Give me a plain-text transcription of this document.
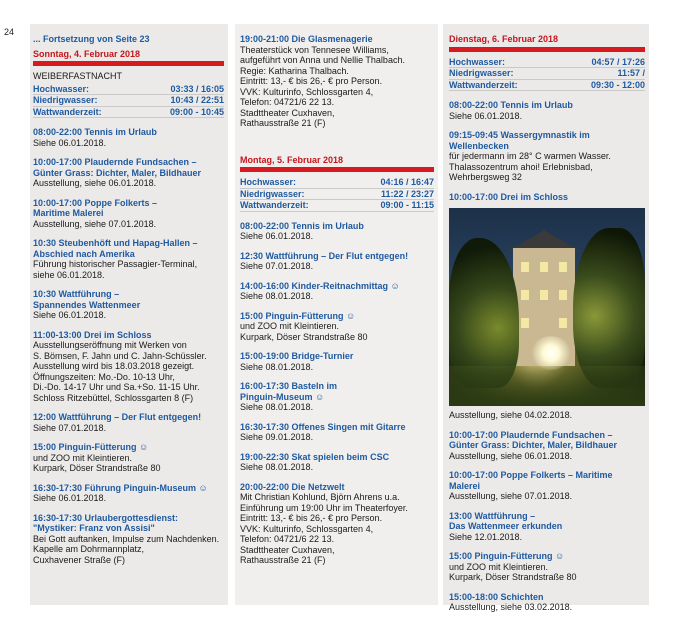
24
... Fortsetzung von Seite 23
Sonntag, 4. Februar 2018
WEIBERFASTNACHT
Hochwasser:	03:33 / 16:05
Niedrigwasser:	10:43 / 22:51
Wattwanderzeit:	09:00 - 10:45
08:00-22:00 Tennis im Urlaub
Siehe 06.01.2018.
10:00-17:00 Plaudernde Fundsachen –
Günter Grass: Dichter, Maler, Bildhauer
Ausstellung, siehe 06.01.2018.
10:00-17:00 Poppe Folkerts –
Maritime Malerei
Ausstellung, siehe 07.01.2018.
10:30 Steubenhöft und Hapag-Hallen –
Abschied nach Amerika
Führung historischer Passagier-Terminal,
siehe 06.01.2018.
10:30 Wattführung –
Spannendes Wattenmeer
Siehe 06.01.2018.
11:00-13:00 Drei im Schloss
Ausstellungseröffnung mit Werken von
S. Bömsen, F. Jahn und C. Jahn-Schüssler.
Ausstellung wird bis 18.03.2018 gezeigt.
Öffnungszeiten: Mo.-Do. 10-13 Uhr,
Di.-Do. 14-17 Uhr und Sa.+So. 11-15 Uhr.
Schloss Ritzebüttel, Schlossgarten 8 (F)
12:00 Wattführung – Der Flut entgegen!
Siehe 07.01.2018.
15:00 Pinguin-Fütterung ☺
und ZOO mit Kleintieren.
Kurpark, Döser Strandstraße 80
16:30-17:30 Führung Pinguin-Museum ☺
Siehe 06.01.2018.
16:30-17:30 Urlaubergottesdienst:
"Mystiker: Franz von Assisi"
Bei Gott auftanken, Impulse zum Nachdenken.
Kapelle am Dohrmannplatz,
Cuxhavener Straße (F)
19:00-21:00 Die Glasmenagerie
Theaterstück von Tennesee Williams,
aufgeführt von Anna und Nellie Thalbach.
Regie: Katharina Thalbach.
Eintritt: 13,- € bis 26,- € pro Person.
VVK: Kulturinfo, Schlossgarten 4,
Telefon: 04721/6 22 13.
Stadttheater Cuxhaven,
Rathausstraße 21 (F)
Montag, 5. Februar 2018
Hochwasser:	04:16 / 16:47
Niedrigwasser:	11:22 / 23:27
Wattwanderzeit:	09:00 - 11:15
08:00-22:00 Tennis im Urlaub
Siehe 06.01.2018.
12:30 Wattführung – Der Flut entgegen!
Siehe 07.01.2018.
14:00-16:00 Kinder-Reitnachmittag ☺
Siehe 08.01.2018.
15:00 Pinguin-Fütterung ☺
und ZOO mit Kleintieren.
Kurpark, Döser Strandstraße 80
15:00-19:00 Bridge-Turnier
Siehe 08.01.2018.
16:00-17:30 Basteln im
Pinguin-Museum ☺
Siehe 08.01.2018.
16:30-17:30 Offenes Singen mit Gitarre
Siehe 09.01.2018.
19:00-22:30 Skat spielen beim CSC
Siehe 08.01.2018.
20:00-22:00 Die Netzwelt
Mit Christian Kohlund, Björn Ahrens u.a.
Einführung um 19:00 Uhr im Theaterfoyer.
Eintritt: 13,- € bis 26,- € pro Person.
VVK: Kulturinfo, Schlossgarten 4,
Telefon: 04721/6 22 13.
Stadttheater Cuxhaven,
Rathausstraße 21 (F)
Dienstag, 6. Februar 2018
Hochwasser:	04:57 / 17:26
Niedrigwasser:	11:57 /
Wattwanderzeit:	09:30 - 12:00
08:00-22:00 Tennis im Urlaub
Siehe 06.01.2018.
09:15-09:45 Wassergymnastik im Wellenbecken
für jedermann im 28° C warmen Wasser.
Thalassozentrum ahoi! Erlebnisbad,
Wehrbergsweg 32
10:00-17:00 Drei im Schloss
Ausstellung, siehe 04.02.2018.
10:00-17:00 Plaudernde Fundsachen –
Günter Grass: Dichter, Maler, Bildhauer
Ausstellung, siehe 06.01.2018.
10:00-17:00 Poppe Folkerts – Maritime Malerei
Ausstellung, siehe 07.01.2018.
13:00 Wattführung –
Das Wattenmeer erkunden
Siehe 12.01.2018.
15:00 Pinguin-Fütterung ☺
und ZOO mit Kleintieren.
Kurpark, Döser Strandstraße 80
15:00-18:00 Schichten
Ausstellung, siehe 03.02.2018.
